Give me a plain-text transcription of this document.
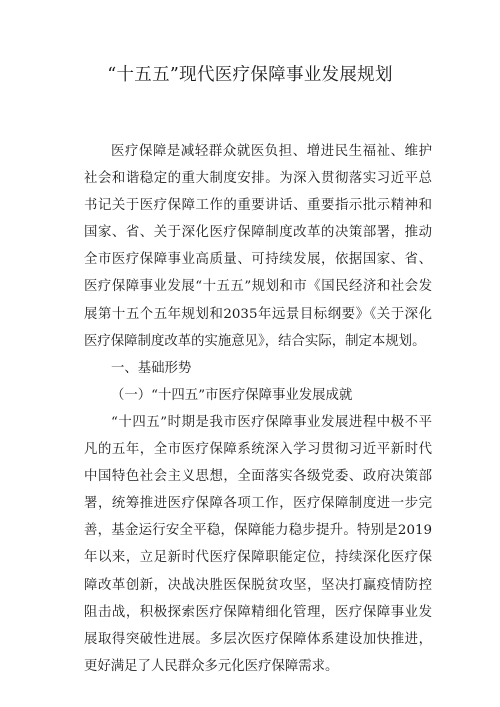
“十五五”现代医疗保障事业发展规划

医疗保障是减轻群众就医负担、增进民生福祉、维护社会和谐稳定的重大制度安排。为深入贯彻落实习近平总书记关于医疗保障工作的重要讲话、重要指示批示精神和国家、省、关于深化医疗保障制度改革的决策部署，推动全市医疗保障事业高质量、可持续发展，依据国家、省、医疗保障事业发展“十五五”规划和市《国民经济和社会发展第十五个五年规划和2035年远景目标纲要》《关于深化医疗保障制度改革的实施意见》，结合实际，制定本规划。

一、基础形势

（一）“十四五”市医疗保障事业发展成就

“十四五”时期是我市医疗保障事业发展进程中极不平凡的五年，全市医疗保障系统深入学习贯彻习近平新时代中国特色社会主义思想，全面落实各级党委、政府决策部署，统筹推进医疗保障各项工作，医疗保障制度进一步完善，基金运行安全平稳，保障能力稳步提升。特别是2019年以来，立足新时代医疗保障职能定位，持续深化医疗保障改革创新，决战决胜医保脱贫攻坚，坚决打赢疫情防控阻击战，积极探索医疗保障精细化管理，医疗保障事业发展取得突破性进展。多层次医疗保障体系建设加快推进，更好满足了人民群众多元化医疗保障需求。
